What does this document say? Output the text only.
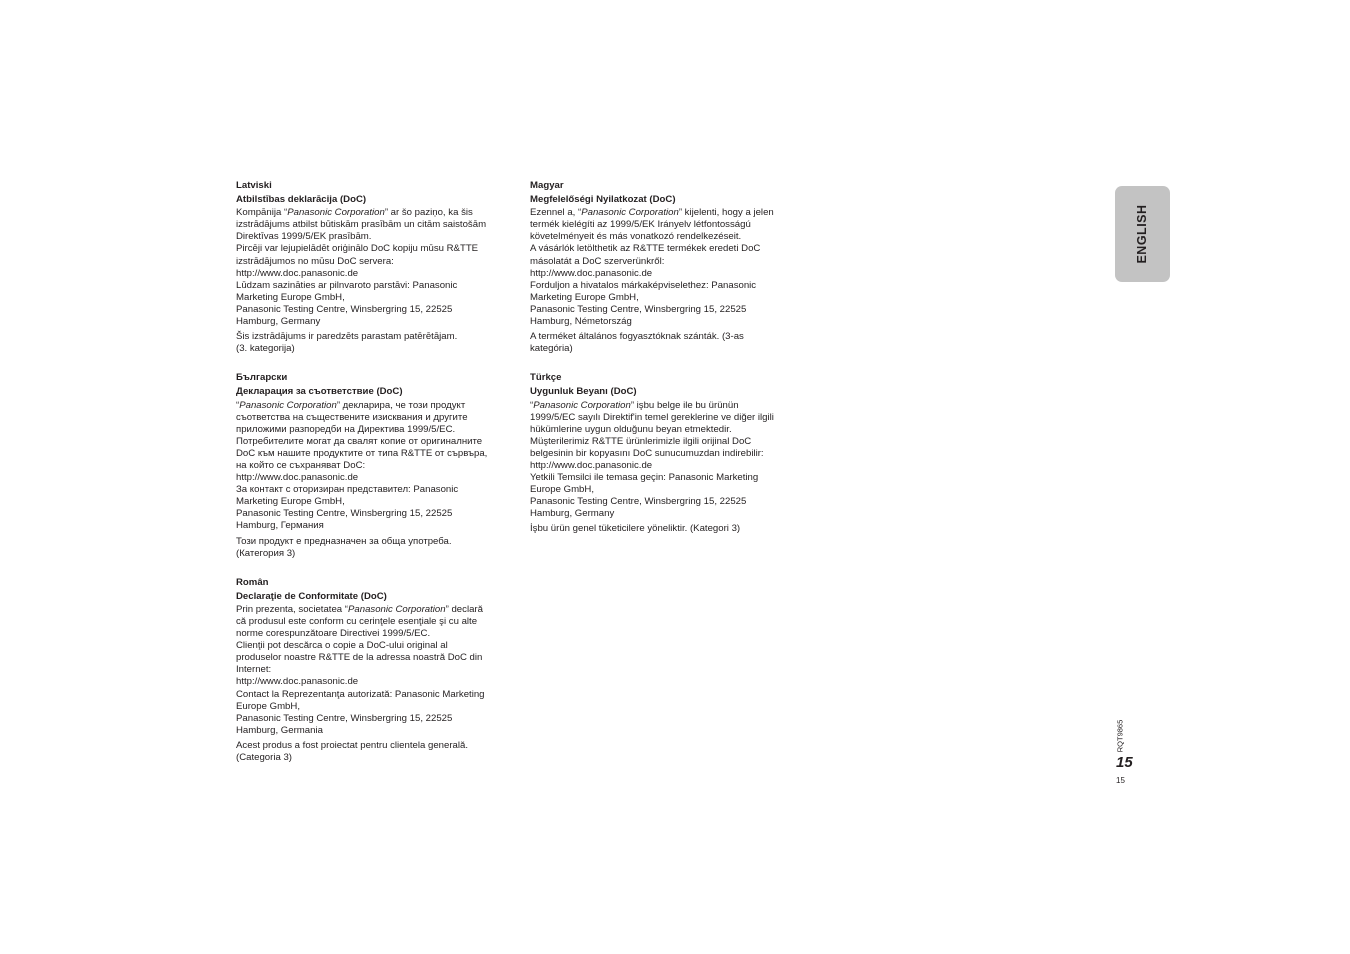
Latviski
Atbilstības deklarācija (DoC)
Kompānija “Panasonic Corporation” ar šo paziņo, ka šis
izstrādājums atbilst būtiskām prasībām un citām saistošām
Direktīvas 1999/5/EK prasībām.
Pircēji var lejupielādēt oriģinālo DoC kopiju mūsu R&TTE
izstrādājumos no mūsu DoC servera:
http://www.doc.panasonic.de
Lūdzam sazināties ar pilnvaroto parstāvi: Panasonic
Marketing Europe GmbH,
Panasonic Testing Centre, Winsbergring 15, 22525
Hamburg, Germany
Šis izstrādājums ir paredzēts parastam patērētājam.
(3. kategorija)
Български
Декларация за съответствие (DoC)
“Panasonic Corporation” декларира, че този продукт
съответства на съществените изисквания и другите
приложими разпоредби на Директива 1999/5/ЕС.
Потребителите могат да свалят копие от оригиналните
DoC към нашите продуктите от типа R&TTE от сървъра,
на който се съхраняват DoC:
http://www.doc.panasonic.de
За контакт с оторизиран представител: Panasonic
Marketing Europe GmbH,
Panasonic Testing Centre, Winsbergring 15, 22525
Hamburg, Германия
Този продукт е предназначен за обща употреба.
(Категория 3)
Român
Declaraţie de Conformitate (DoC)
Prin prezenta, societatea “Panasonic Corporation” declară
că produsul este conform cu cerinţele esenţiale şi cu alte
norme corespunzătoare Directivei 1999/5/EC.
Clienţii pot descărca o copie a DoC-ului original al
produselor noastre R&TTE de la adressa noastră DoC din
Internet:
http://www.doc.panasonic.de
Contact la Reprezentanţa autorizată: Panasonic Marketing
Europe GmbH,
Panasonic Testing Centre, Winsbergring 15, 22525
Hamburg, Germania
Acest produs a fost proiectat pentru clientela generală.
(Categoria 3)
Magyar
Megfelelőségi Nyilatkozat (DoC)
Ezennel a, “Panasonic Corporation” kijelenti, hogy a jelen
termék kielégíti az 1999/5/EK Irányelv létfontosságú
követelményeit és más vonatkozó rendelkezéseit.
A vásárlók letölthetik az R&TTE termékek eredeti DoC
másolatát a DoC szerverünkről:
http://www.doc.panasonic.de
Forduljon a hivatalos márkaképviselethez: Panasonic
Marketing Europe GmbH,
Panasonic Testing Centre, Winsbergring 15, 22525
Hamburg, Németország
A terméket általános fogyasztóknak szánták. (3-as
kategória)
Türkçe
Uygunluk Beyanı (DoC)
“Panasonic Corporation” işbu belge ile bu ürünün
1999/5/EC sayılı Direktif'in temel gereklerine ve diğer ilgili
hükümlerine uygun olduğunu beyan etmektedir.
Müşterilerimiz R&TTE ürünlerimizle ilgili orijinal DoC
belgesinin bir kopyasını DoC sunucumuzdan indirebilir:
http://www.doc.panasonic.de
Yetkili Temsilci ile temasa geçin: Panasonic Marketing
Europe GmbH,
Panasonic Testing Centre, Winsbergring 15, 22525
Hamburg, Germany
İşbu ürün genel tüketicilere yöneliktir. (Kategori 3)
ENGLISH
RQT9865
15
15
